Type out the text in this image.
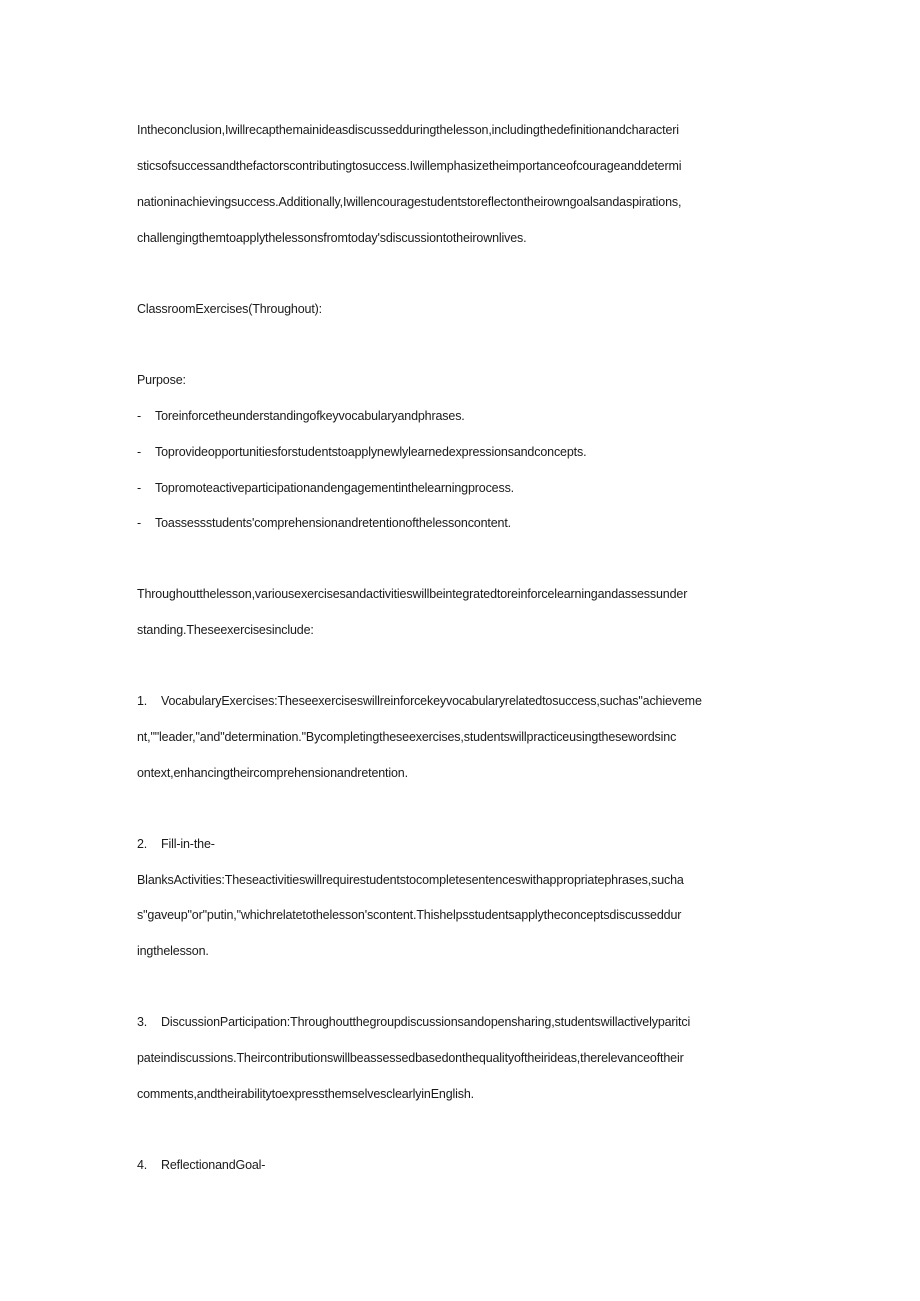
Intheconclusion,Iwillrecapthemainideasdiscussedduringthelesson,includingthedefinitionandcharacteri
sticsofsuccessandthefactorscontributingtosuccess.Iwillemphasizetheimportanceofcourageanddetermi
nationinachievingsuccess.Additionally,Iwillencouragestudentstoreflectontheirowngoalsandaspirations,
challengingthemtoapplythelessonsfromtoday'sdiscussiontotheirownlives.
ClassroomExercises(Throughout):
Purpose:
- Toreinforcetheunderstandingofkeyvocabularyandphrases.
- Toprovideopportunitiesforstudentstoapplynewlylearnedexpressionsandconcepts.
- Topromoteactiveparticipationandengagementinthelearningprocess.
- Toassessstudents'comprehensionandretentionofthelessoncontent.
Throughoutthelesson,variousexercisesandactivitieswillbeintegratedtoreinforcelearningandassessunder
standing.Theseexercisesinclude:
1. VocabularyExercises:Theseexerciseswillreinforcekeyvocabularyrelatedtosuccess,suchas"achieveme
nt,""leader,"and"determination."Bycompletingtheseexercises,studentswillpracticeusingthesewordsinc
ontext,enhancingtheircomprehensionandretention.
2. Fill-in-the-
BlanksActivities:Theseactivitieswillrequirestudentstocompletesentenceswithappropriatephrases,sucha
s"gaveup"or"putin,"whichrelatetothelesson'scontent.Thishelpsstudentsapplytheconceptsdiscusseddur
ingthelesson.
3. DiscussionParticipation:Throughoutthegroupdiscussionsandopensharing,studentswillactivelyparitci
pateindiscussions.Theircontributionswillbeassessedbasedonthequalityoftheirideas,therelevanceoftheir
comments,andtheirabilitytoexpressthemselvesclearlyinEnglish.
4. ReflectionandGoal-
